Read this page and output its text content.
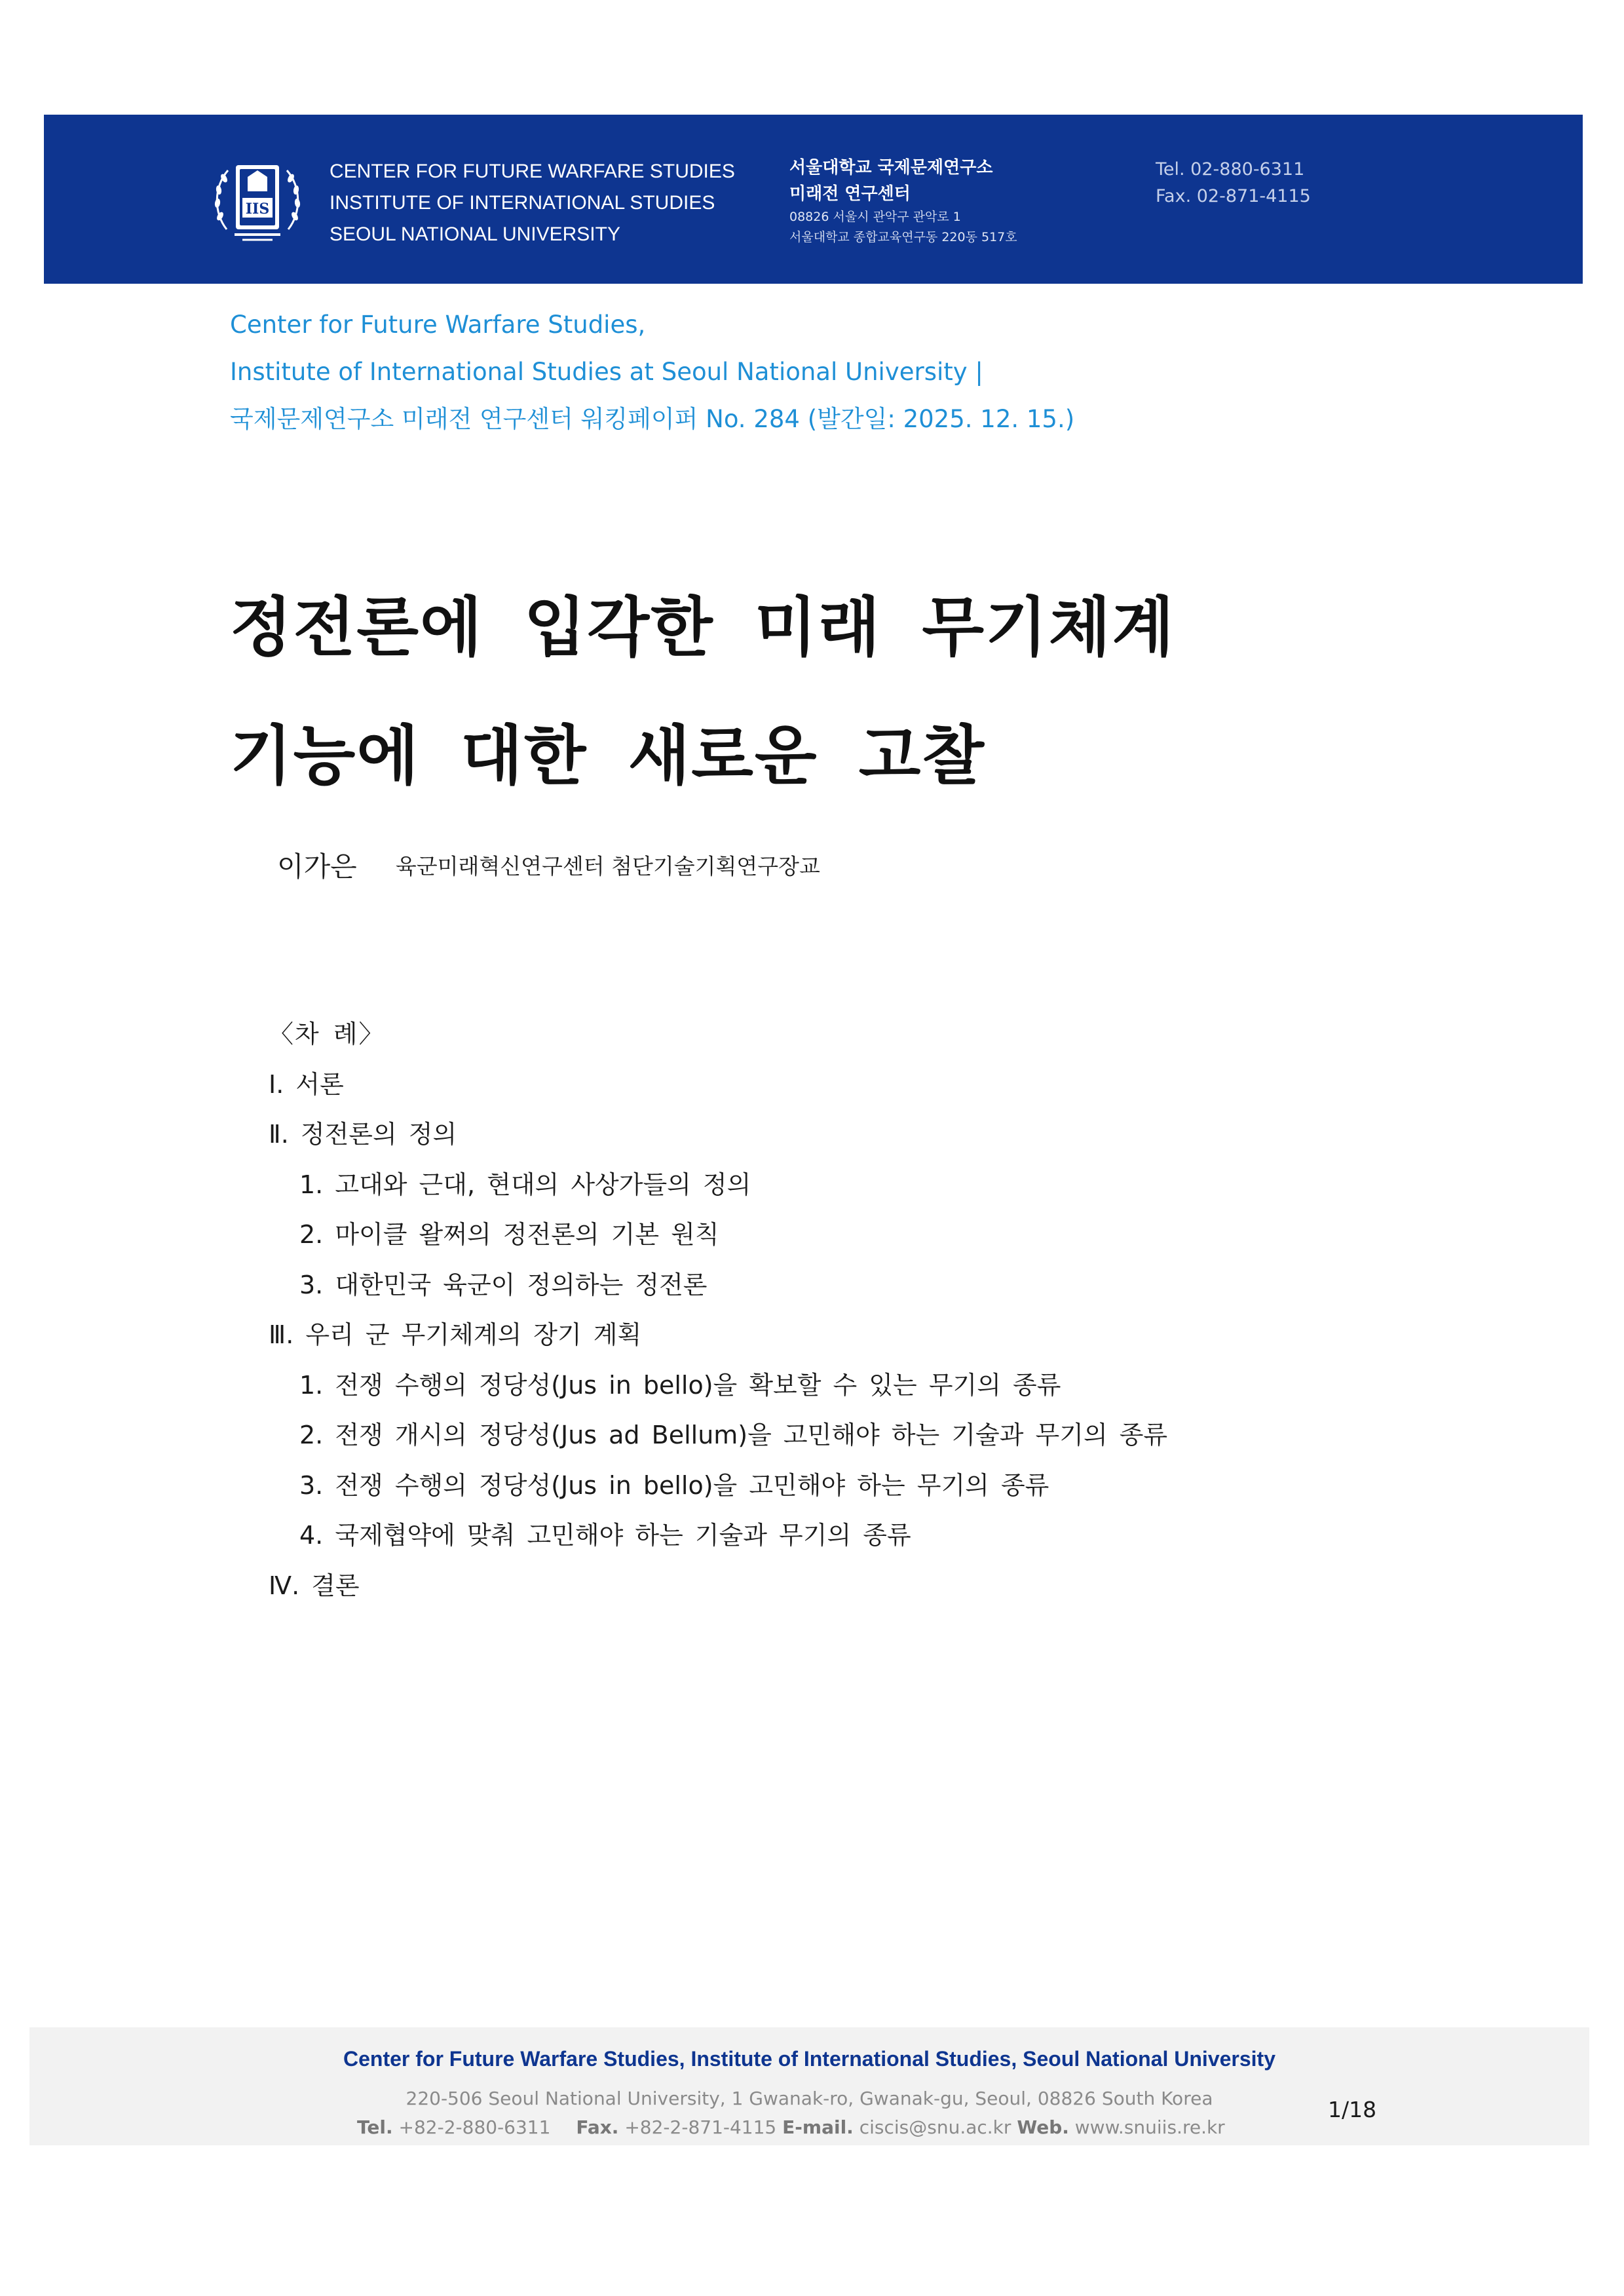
IIS
CENTER FOR FUTURE WARFARE STUDIES
INSTITUTE OF INTERNATIONAL STUDIES
SEOUL NATIONAL UNIVERSITY
서울대학교 국제문제연구소
미래전 연구센터
08826 서울시 관악구 관악로 1
서울대학교 종합교육연구동 220동 517호
Tel. 02-880-6311
Fax. 02-871-4115
Center for Future Warfare Studies,
Institute of International Studies at Seoul National University |
국제문제연구소 미래전 연구센터 워킹페이퍼 No. 284 (발간일: 2025. 12. 15.)
정전론에 입각한 미래 무기체계
기능에 대한 새로운 고찰
이가은 육군미래혁신연구센터 첨단기술기획연구장교
〈차 례〉
Ⅰ. 서론
Ⅱ. 정전론의 정의
1. 고대와 근대, 현대의 사상가들의 정의
2. 마이클 왈쩌의 정전론의 기본 원칙
3. 대한민국 육군이 정의하는 정전론
Ⅲ. 우리 군 무기체계의 장기 계획
1. 전쟁 수행의 정당성(Jus in bello)을 확보할 수 있는 무기의 종류
2. 전쟁 개시의 정당성(Jus ad Bellum)을 고민해야 하는 기술과 무기의 종류
3. 전쟁 수행의 정당성(Jus in bello)을 고민해야 하는 무기의 종류
4. 국제협약에 맞춰 고민해야 하는 기술과 무기의 종류
Ⅳ. 결론
Center for Future Warfare Studies, Institute of International Studies, Seoul National University
220-506 Seoul National University, 1 Gwanak-ro, Gwanak-gu, Seoul, 08826 South Korea
Tel. +82-2-880-6311 Fax. +82-2-871-4115 E-mail. ciscis@snu.ac.kr Web. www.snuiis.re.kr
1/18
